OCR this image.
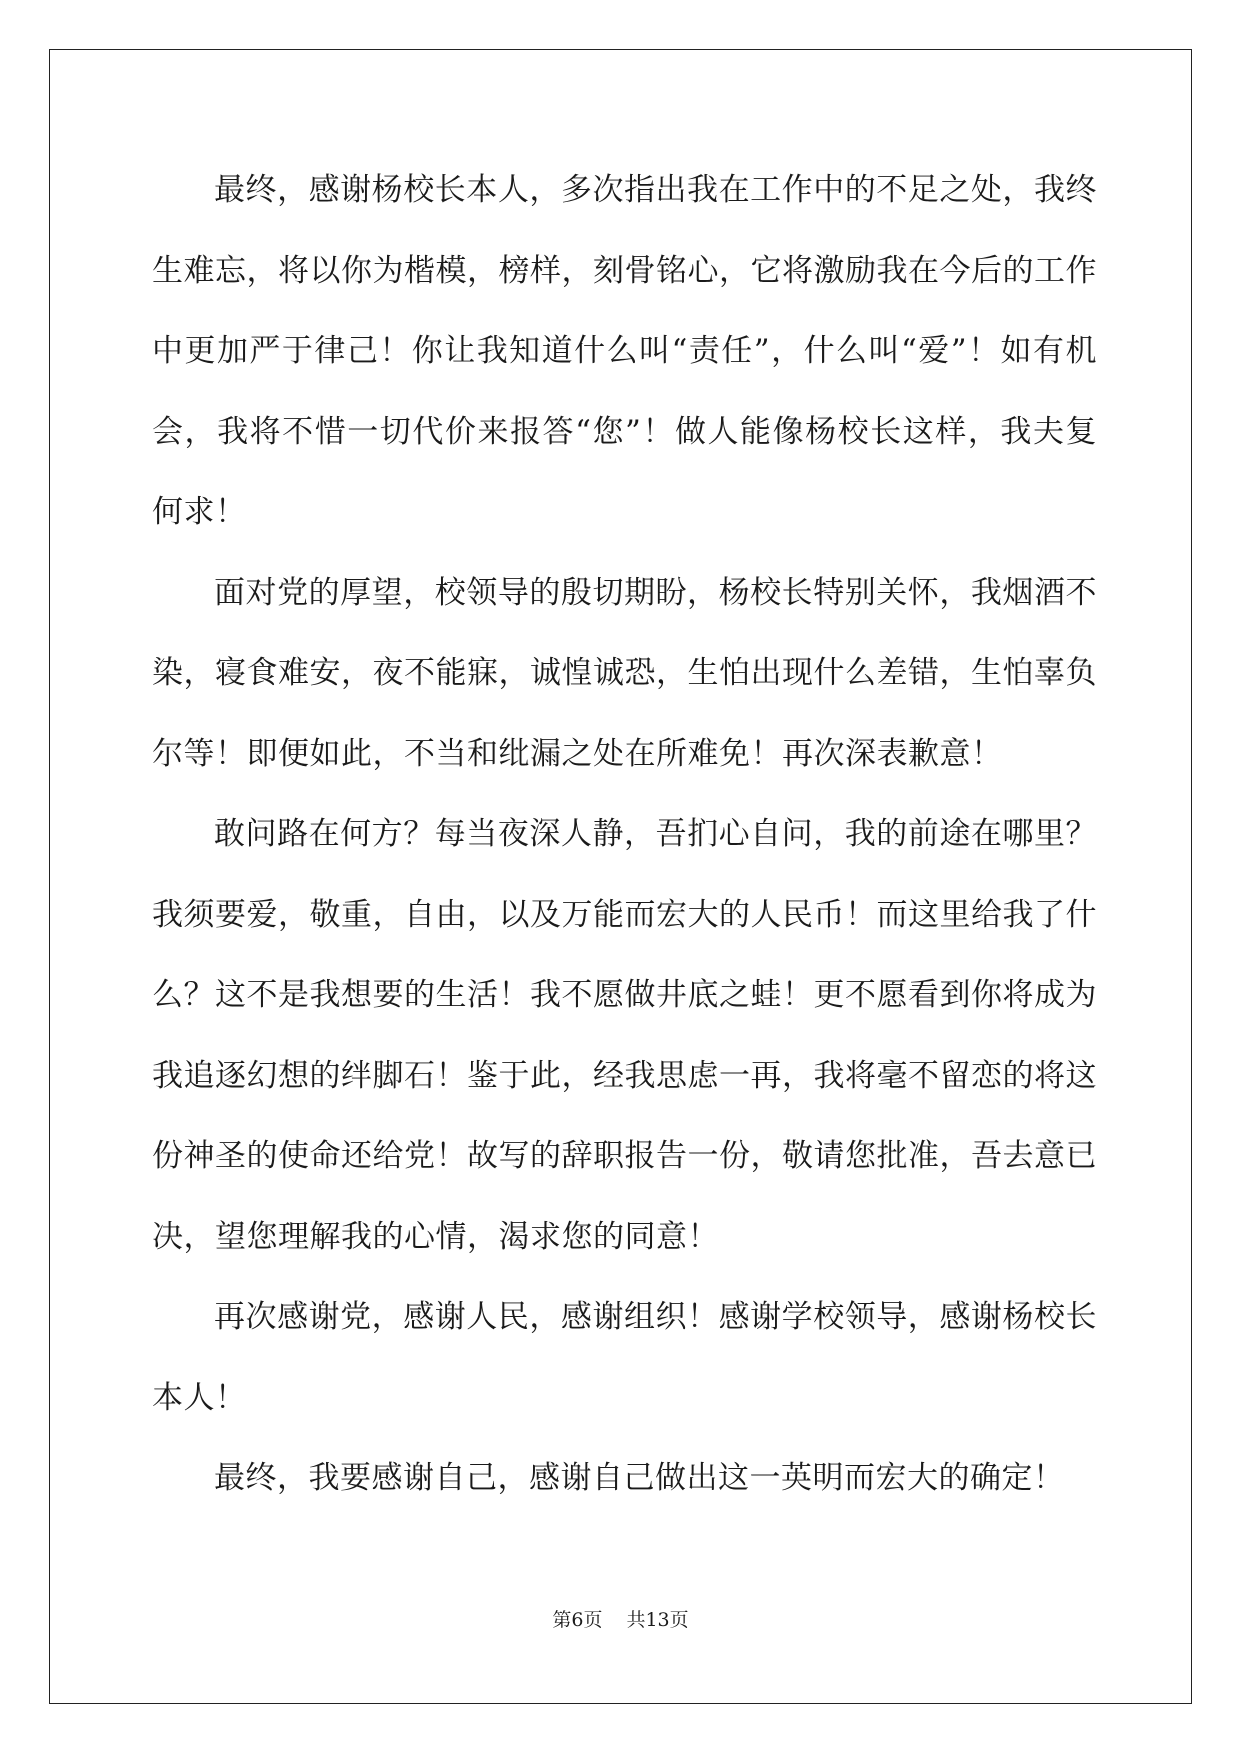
最终，感谢杨校长本人，多次指出我在工作中的不足之处，我终生难忘，将以你为楷模，榜样，刻骨铭心，它将激励我在今后的工作中更加严于律己！你让我知道什么叫“责任”，什么叫“爱”！如有机会，我将不惜一切代价来报答“您”！做人能像杨校长这样，我夫复何求！

面对党的厚望，校领导的殷切期盼，杨校长特别关怀，我烟酒不染，寝食难安，夜不能寐，诚惶诚恐，生怕出现什么差错，生怕辜负尔等！即便如此，不当和纰漏之处在所难免！再次深表歉意！

敢问路在何方？每当夜深人静，吾扪心自问，我的前途在哪里？我须要爱，敬重，自由，以及万能而宏大的人民币！而这里给我了什么？这不是我想要的生活！我不愿做井底之蛙！更不愿看到你将成为我追逐幻想的绊脚石！鉴于此，经我思虑一再，我将毫不留恋的将这份神圣的使命还给党！故写的辞职报告一份，敬请您批准，吾去意已决，望您理解我的心情，渴求您的同意！

再次感谢党，感谢人民，感谢组织！感谢学校领导，感谢杨校长本人！

最终，我要感谢自己，感谢自己做出这一英明而宏大的确定！

第6页 共13页
